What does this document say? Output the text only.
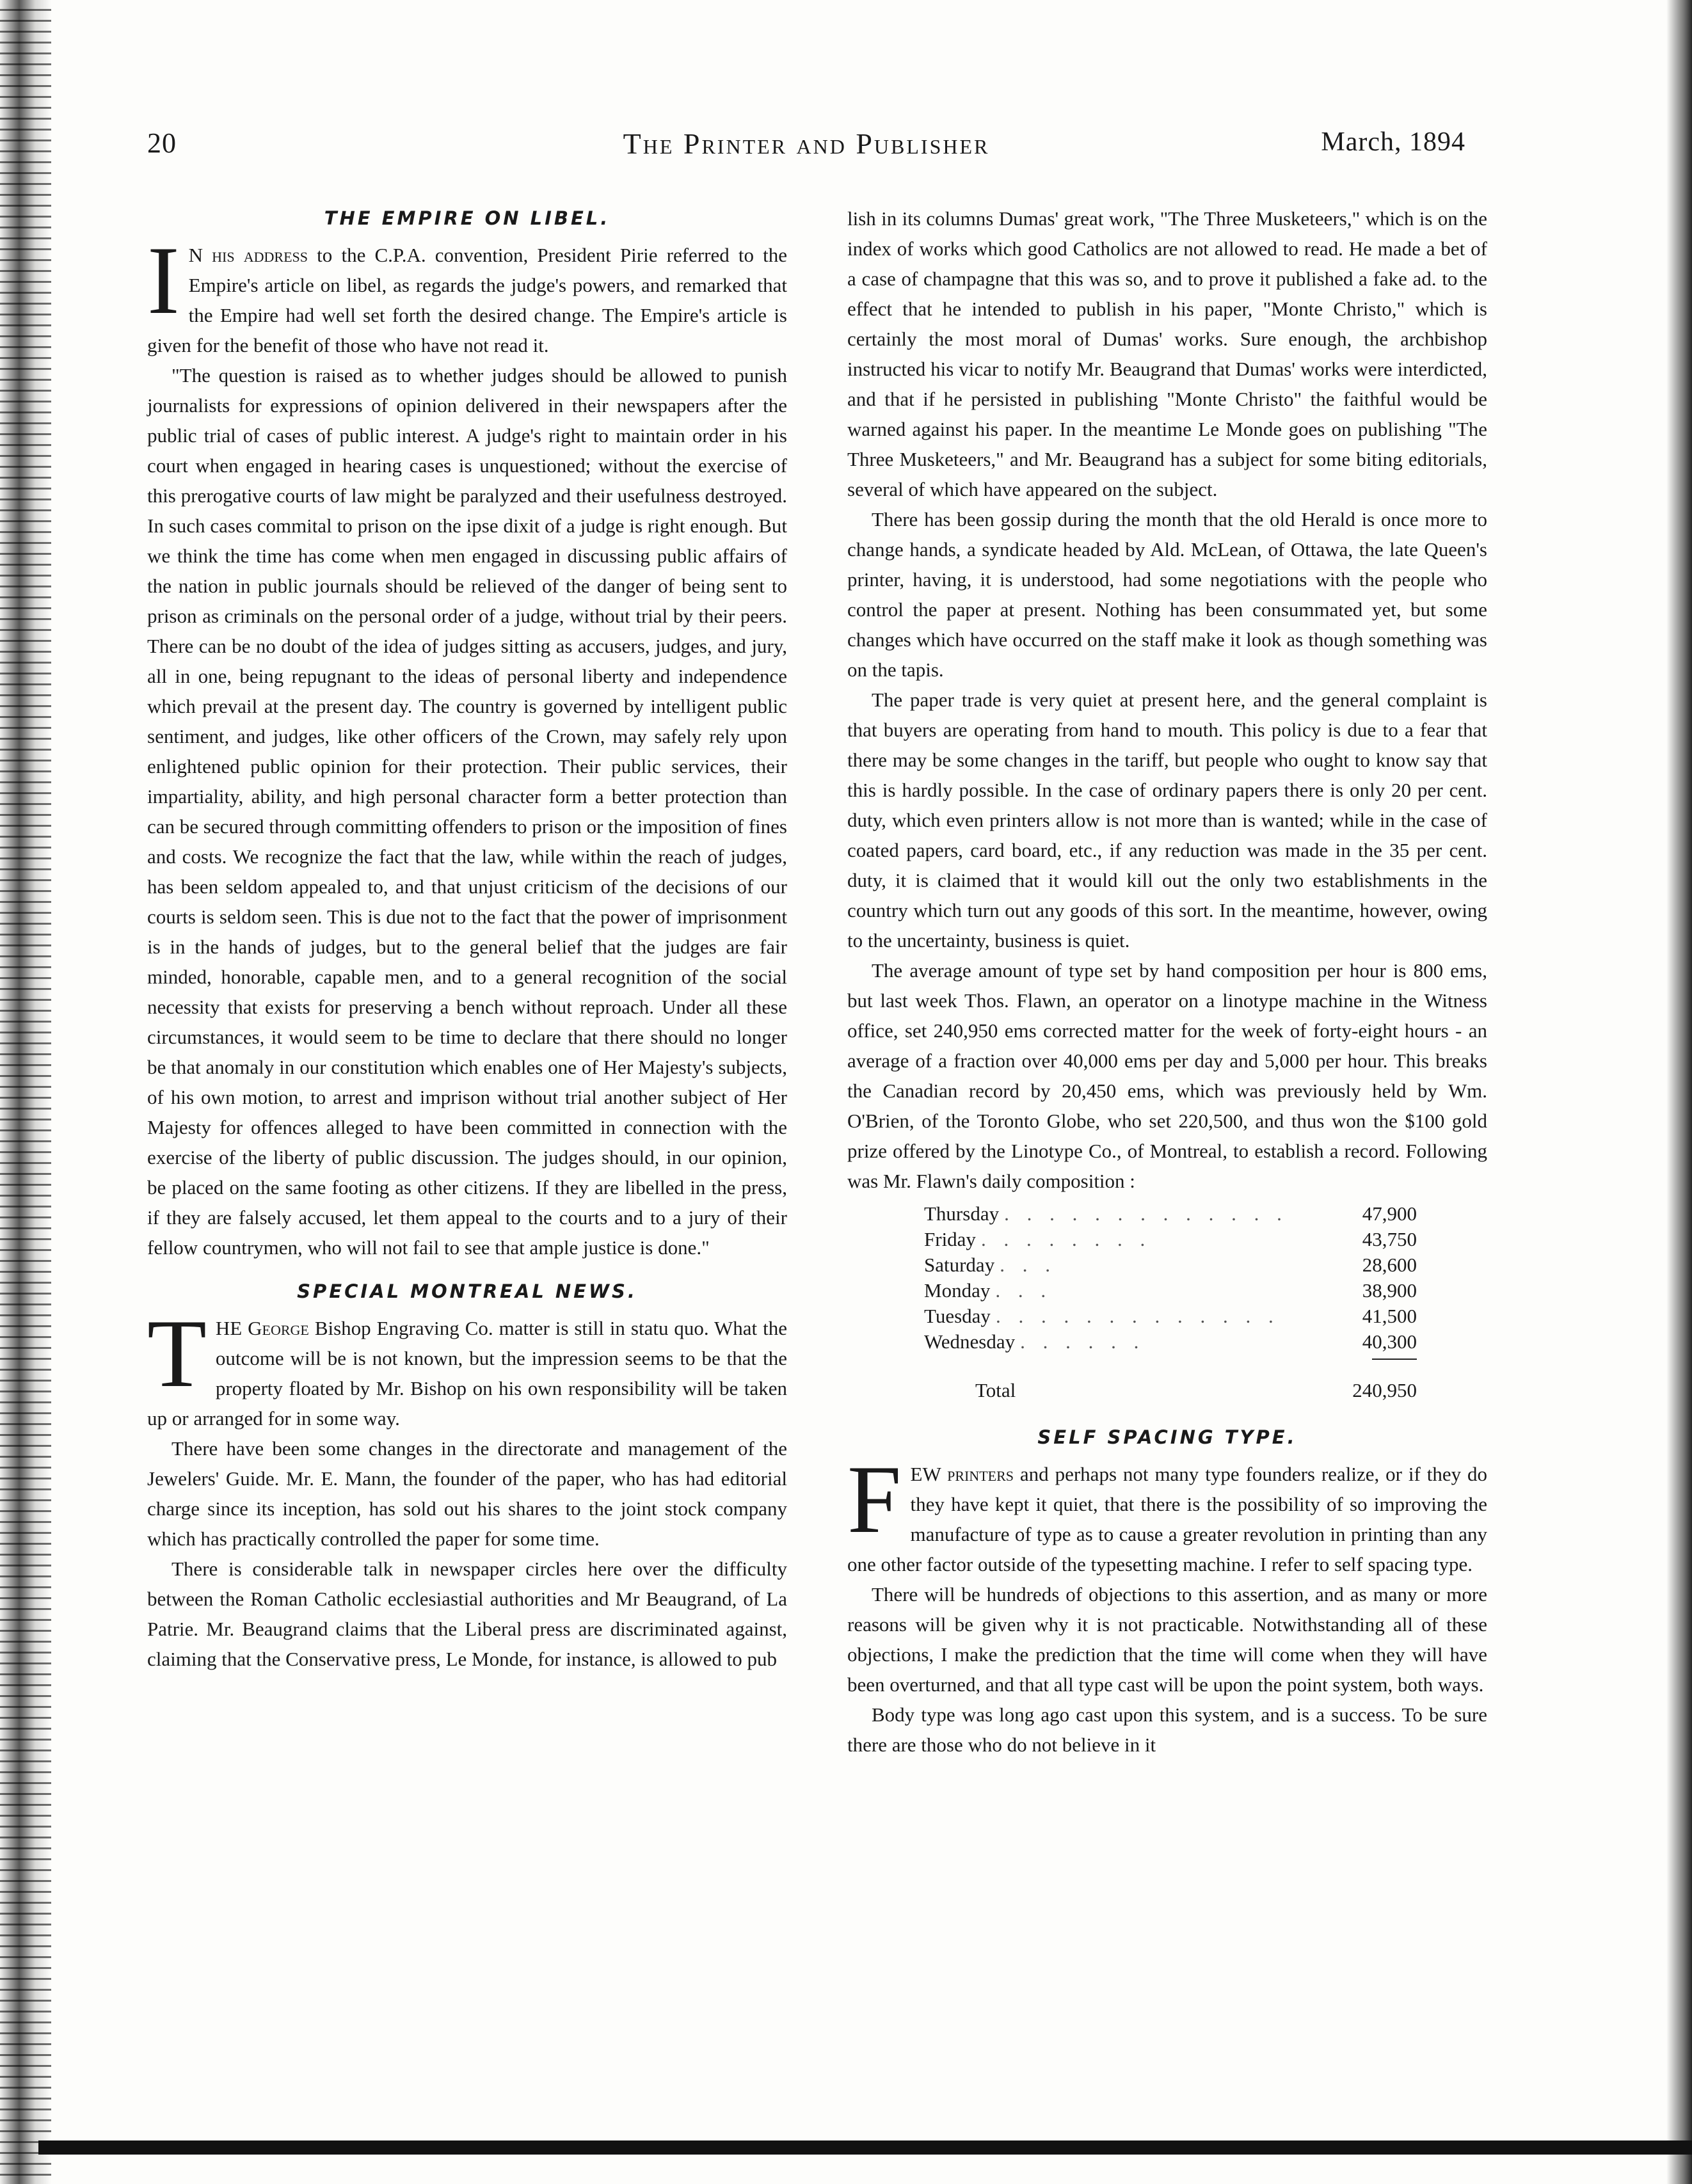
20	The Printer and Publisher	March, 1894
THE EMPIRE ON LIBEL.

I N his address to the C.P.A. convention, President Pirie referred to the Empire's article on libel, as regards the judge's powers, and remarked that the Empire had well set forth the desired change. The Empire's article is given for the benefit of those who have not read it.

"The question is raised as to whether judges should be allowed to punish journalists for expressions of opinion delivered in their newspapers after the public trial of cases of public interest. A judge's right to maintain order in his court when engaged in hearing cases is unquestioned; without the exercise of this prerogative courts of law might be paralyzed and their usefulness destroyed. In such cases commital to prison on the ipse dixit of a judge is right enough. But we think the time has come when men engaged in discussing public affairs of the nation in public journals should be relieved of the danger of being sent to prison as criminals on the personal order of a judge, without trial by their peers. There can be no doubt of the idea of judges sitting as accusers, judges, and jury, all in one, being repugnant to the ideas of personal liberty and independence which prevail at the present day. The country is governed by intelligent public sentiment, and judges, like other officers of the Crown, may safely rely upon enlightened public opinion for their protection. Their public services, their impartiality, ability, and high personal character form a better protection than can be secured through committing offenders to prison or the imposition of fines and costs. We recognize the fact that the law, while within the reach of judges, has been seldom appealed to, and that unjust criticism of the decisions of our courts is seldom seen. This is due not to the fact that the power of imprisonment is in the hands of judges, but to the general belief that the judges are fair minded, honorable, capable men, and to a general recognition of the social necessity that exists for preserving a bench without reproach. Under all these circumstances, it would seem to be time to declare that there should no longer be that anomaly in our constitution which enables one of Her Majesty's subjects, of his own motion, to arrest and imprison without trial another subject of Her Majesty for offences alleged to have been committed in connection with the exercise of the liberty of public discussion. The judges should, in our opinion, be placed on the same footing as other citizens. If they are libelled in the press, if they are falsely accused, let them appeal to the courts and to a jury of their fellow countrymen, who will not fail to see that ample justice is done."

SPECIAL MONTREAL NEWS.

THE George Bishop Engraving Co. matter is still in statu quo. What the outcome will be is not known, but the impression seems to be that the property floated by Mr. Bishop on his own responsibility will be taken up or arranged for in some way.

There have been some changes in the directorate and management of the Jewelers' Guide. Mr. E. Mann, the founder of the paper, who has had editorial charge since its inception, has sold out his shares to the joint stock company which has practically controlled the paper for some time.

There is considerable talk in newspaper circles here over the difficulty between the Roman Catholic ecclesiastial authorities and Mr Beaugrand, of La Patrie. Mr. Beaugrand claims that the Liberal press are discriminated against, claiming that the Conservative press, Le Monde, for instance, is allowed to pub

lish in its columns Dumas' great work, "The Three Musketeers," which is on the index of works which good Catholics are not allowed to read. He made a bet of a case of champagne that this was so, and to prove it published a fake ad. to the effect that he intended to publish in his paper, "Monte Christo," which is certainly the most moral of Dumas' works. Sure enough, the archbishop instructed his vicar to notify Mr. Beaugrand that Dumas' works were interdicted, and that if he persisted in publishing "Monte Christo" the faithful would be warned against his paper. In the meantime Le Monde goes on publishing "The Three Musketeers," and Mr. Beaugrand has a subject for some biting editorials, several of which have appeared on the subject.

There has been gossip during the month that the old Herald is once more to change hands, a syndicate headed by Ald. McLean, of Ottawa, the late Queen's printer, having, it is understood, had some negotiations with the people who control the paper at present. Nothing has been consummated yet, but some changes which have occurred on the staff make it look as though something was on the tapis.

The paper trade is very quiet at present here, and the general complaint is that buyers are operating from hand to mouth. This policy is due to a fear that there may be some changes in the tariff, but people who ought to know say that this is hardly possible. In the case of ordinary papers there is only 20 per cent. duty, which even printers allow is not more than is wanted; while in the case of coated papers, card board, etc., if any reduction was made in the 35 per cent. duty, it is claimed that it would kill out the only two establishments in the country which turn out any goods of this sort. In the meantime, however, owing to the uncertainty, business is quiet.

The average amount of type set by hand composition per hour is 800 ems, but last week Thos. Flawn, an operator on a linotype machine in the Witness office, set 240,950 ems corrected matter for the week of forty-eight hours - an average of a fraction over 40,000 ems per day and 5,000 per hour. This breaks the Canadian record by 20,450 ems, which was previously held by Wm. O'Brien, of the Toronto Globe, who set 220,500, and thus won the $100 gold prize offered by the Linotype Co., of Montreal, to establish a record. Following was Mr. Flawn's daily composition :

Thursday . . . . . . . . . . . . .	47,900
Friday . . . . . . . .	43,750
Saturday . . .	28,600
Monday . . .	38,900
Tuesday . . . . . . . . . . . . .	41,500
Wednesday . . . . . .	40,300
Total	240,950
SELF SPACING TYPE.

FEW printers and perhaps not many type founders realize, or if they do they have kept it quiet, that there is the possibility of so improving the manufacture of type as to cause a greater revolution in printing than any one other factor outside of the typesetting machine. I refer to self spacing type.

There will be hundreds of objections to this assertion, and as many or more reasons will be given why it is not practicable. Notwithstanding all of these objections, I make the prediction that the time will come when they will have been overturned, and that all type cast will be upon the point system, both ways.

Body type was long ago cast upon this system, and is a success. To be sure there are those who do not believe in it
